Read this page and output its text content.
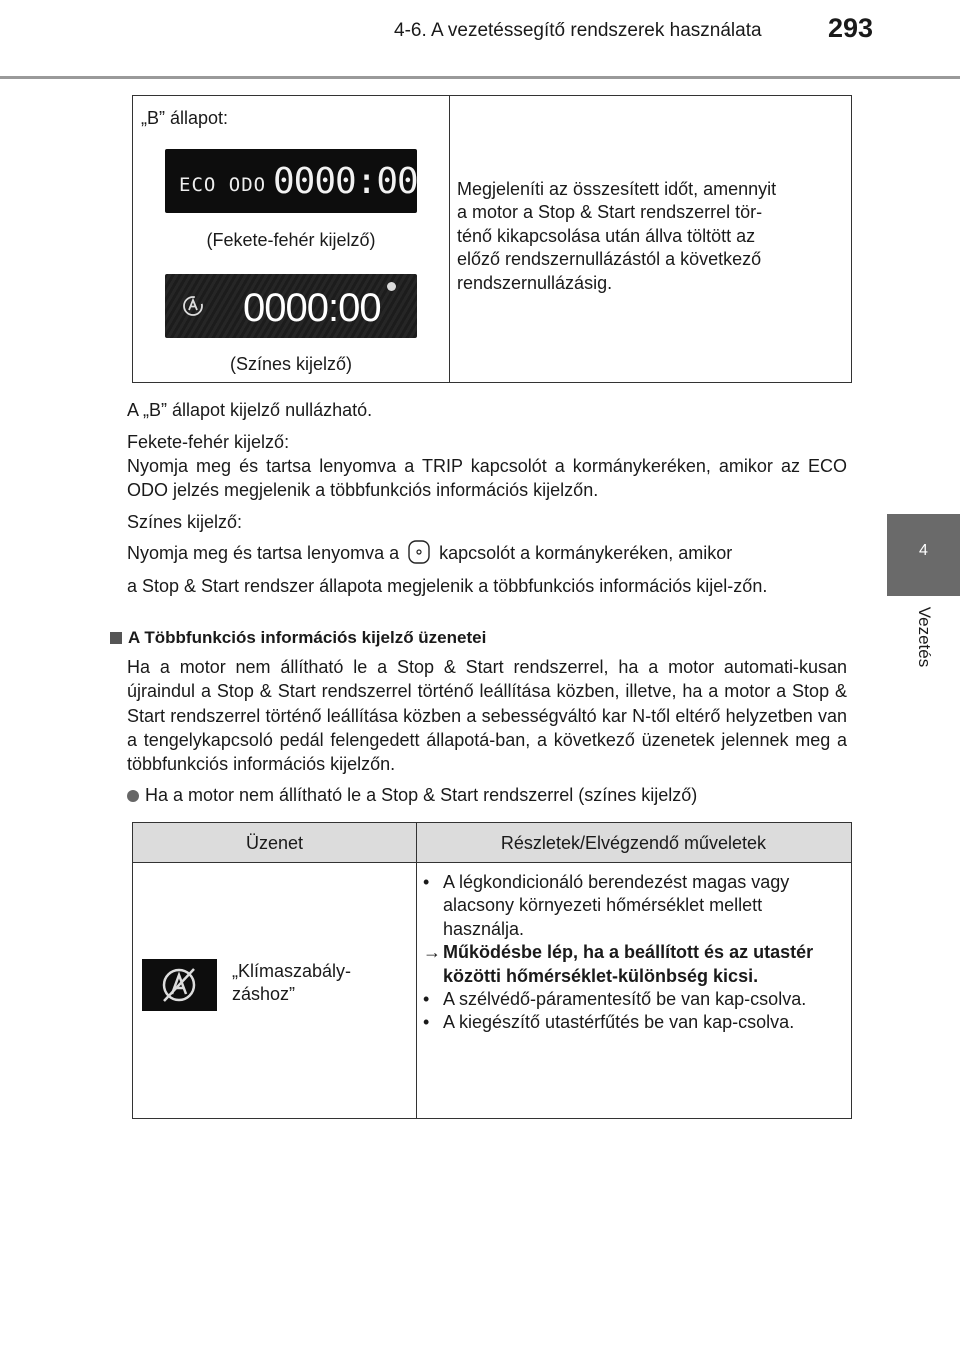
4-6. A vezetéssegítő rendszerek használata 293
4
Vezetés
„B” állapot:
ECO ODO 0000:00
(Fekete-fehér kijelző)
0000:00
(Színes kijelző)
Megjeleníti az összesített időt, amennyit
a motor a Stop & Start rendszerrel tör-
ténő kikapcsolása után állva töltött az
előző rendszernullázástól a következő
rendszernullázásig.
A „B” állapot kijelző nullázható.
Fekete-fehér kijelző:
Nyomja meg és tartsa lenyomva a TRIP kapcsolót a kormánykeréken, amikor az ECO ODO jelzés megjelenik a többfunkciós információs kijelzőn.
Színes kijelző:
Nyomja meg és tartsa lenyomva a kapcsolót a kormánykeréken, amikor
a Stop & Start rendszer állapota megjelenik a többfunkciós információs kijel-zőn.
A Többfunkciós információs kijelző üzenetei
Ha a motor nem állítható le a Stop & Start rendszerrel, ha a motor automati-kusan újraindul a Stop & Start rendszerrel történő leállítása közben, illetve, ha a motor a Stop & Start rendszerrel történő leállítása közben a sebességváltó kar N-től eltérő helyzetben van a tengelykapcsoló pedál felengedett állapotá-ban, a következő üzenetek jelennek meg a többfunkciós információs kijelzőn.
Ha a motor nem állítható le a Stop & Start rendszerrel (színes kijelző)
Üzenet	Részletek/Elvégzendő műveletek
„Klímaszabály-
záshoz”
• A légkondicionáló berendezést magas vagy alacsony környezeti hőmérséklet mellett használja.
→ Működésbe lép, ha a beállított és az utastér közötti hőmérséklet-különbség kicsi.
• A szélvédő-páramentesítő be van kap-csolva.
• A kiegészítő utastérfűtés be van kap-csolva.
